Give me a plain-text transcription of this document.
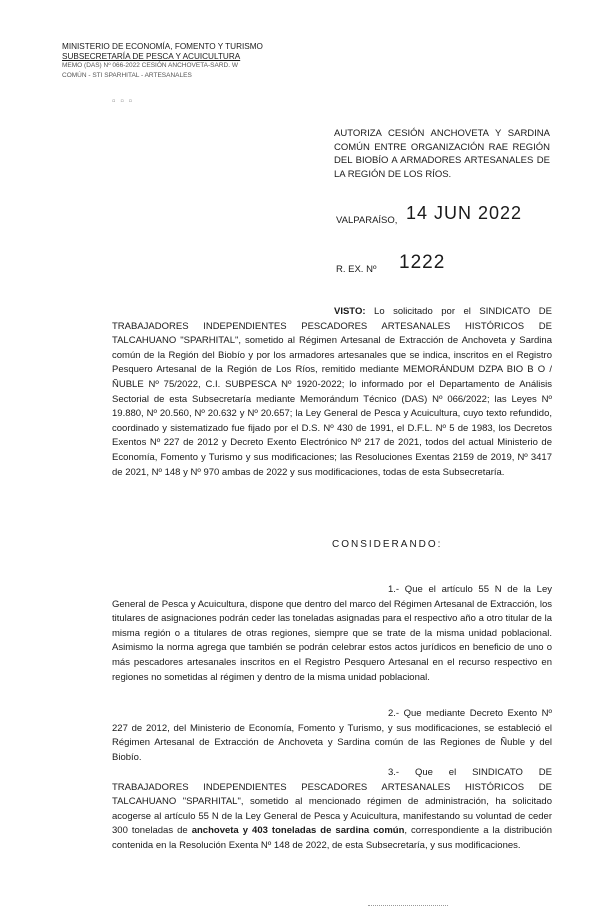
MINISTERIO DE ECONOMÍA, FOMENTO Y TURISMO
SUBSECRETARÍA DE PESCA Y ACUICULTURA
MEMO (DAS) Nº 066-2022 CESIÓN ANCHOVETA-SARD. W
COMÚN - STI SPARHITAL - ARTESANALES
▫ ▫ ▫
AUTORIZA CESIÓN ANCHOVETA Y SARDINA COMÚN ENTRE ORGANIZACIÓN RAE REGIÓN DEL BIOBÍO A ARMADORES ARTESANALES DE LA REGIÓN DE LOS RÍOS.
VALPARAÍSO, 14 JUN 2022
R. EX. Nº 1222
VISTO: Lo solicitado por el SINDICATO DE TRABAJADORES INDEPENDIENTES PESCADORES ARTESANALES HISTÓRICOS DE TALCAHUANO "SPARHITAL", sometido al Régimen Artesanal de Extracción de Anchoveta y Sardina común de la Región del Biobío y por los armadores artesanales que se indica, inscritos en el Registro Pesquero Artesanal de la Región de Los Ríos, remitido mediante MEMORÁNDUM DZPA BIO B O /ÑUBLE Nº 75/2022, C.I. SUBPESCA Nº 1920-2022; lo informado por el Departamento de Análisis Sectorial de esta Subsecretaría mediante Memorándum Técnico (DAS) Nº 066/2022; las Leyes Nº 19.880, Nº 20.560, Nº 20.632 y Nº 20.657; la Ley General de Pesca y Acuicultura, cuyo texto refundido, coordinado y sistematizado fue fijado por el D.S. Nº 430 de 1991, el D.F.L. Nº 5 de 1983, los Decretos Exentos Nº 227 de 2012 y Decreto Exento Electrónico Nº 217 de 2021, todos del actual Ministerio de Economía, Fomento y Turismo y sus modificaciones; las Resoluciones Exentas 2159 de 2019, Nº 3417 de 2021, Nº 148 y Nº 970 ambas de 2022 y sus modificaciones, todas de esta Subsecretaría.
CONSIDERANDO:
1.- Que el artículo 55 N de la Ley General de Pesca y Acuicultura, dispone que dentro del marco del Régimen Artesanal de Extracción, los titulares de asignaciones podrán ceder las toneladas asignadas para el respectivo año a otro titular de la misma región o a titulares de otras regiones, siempre que se trate de la misma unidad poblacional. Asimismo la norma agrega que también se podrán celebrar estos actos jurídicos en beneficio de uno o más pescadores artesanales inscritos en el Registro Pesquero Artesanal en el recurso respectivo en regiones no sometidas al régimen y dentro de la misma unidad poblacional.
2.- Que mediante Decreto Exento Nº 227 de 2012, del Ministerio de Economía, Fomento y Turismo, y sus modificaciones, se estableció el Régimen Artesanal de Extracción de Anchoveta y Sardina común de las Regiones de Ñuble y del Biobío.
3.- Que el SINDICATO DE TRABAJADORES INDEPENDIENTES PESCADORES ARTESANALES HISTÓRICOS DE TALCAHUANO "SPARHITAL", sometido al mencionado régimen de administración, ha solicitado acogerse al artículo 55 N de la Ley General de Pesca y Acuicultura, manifestando su voluntad de ceder 300 toneladas de anchoveta y 403 toneladas de sardina común, correspondiente a la distribución contenida en la Resolución Exenta Nº 148 de 2022, de esta Subsecretaría, y sus modificaciones.
